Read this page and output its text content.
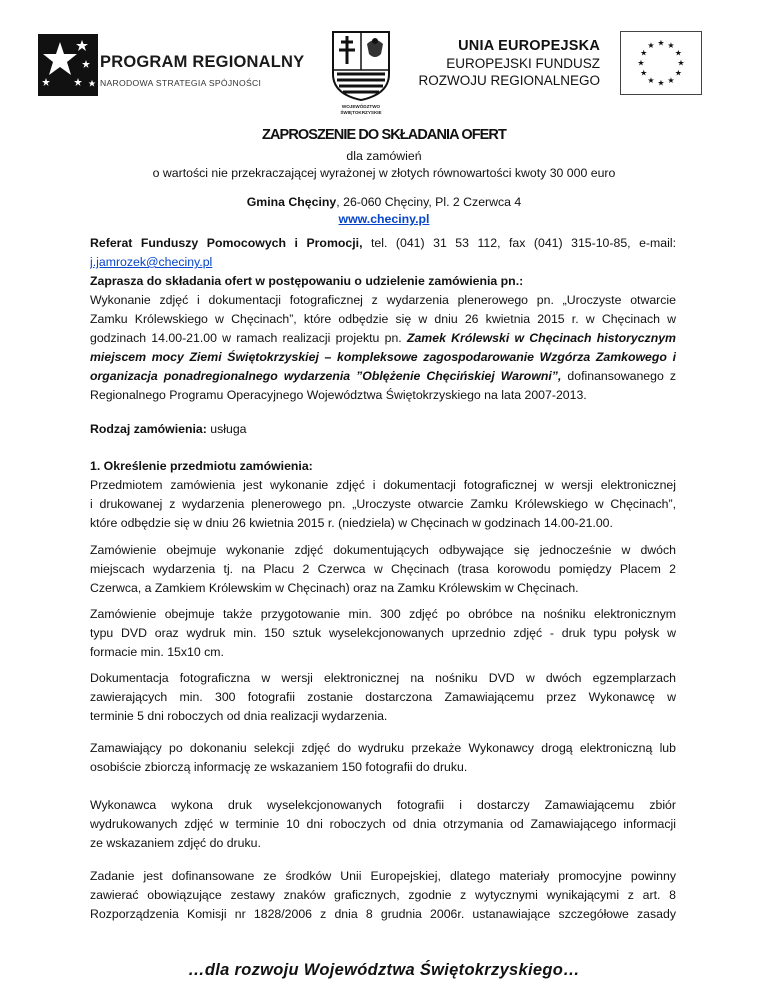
PROGRAM REGIONALNY
NARODOWA STRATEGIA SPÓJNOŚCI
WOJEWÓDZTWO
ŚWIĘTOKRZYSKIE
UNIA EUROPEJSKA
EUROPEJSKI FUNDUSZ
ROZWOJU REGIONALNEGO
★ ★
★
★
★
★
★
★
★
★
★
★
ZAPROSZENIE DO SKŁADANIA OFERT
dla zamówień
o wartości nie przekraczającej wyrażonej w złotych równowartości kwoty 30 000 euro
Gmina Chęciny, 26-060 Chęciny, Pl. 2 Czerwca 4
www.checiny.pl
Referat Funduszy Pomocowych i Promocji, tel. (041) 31 53 112, fax (041) 315-10-85, e-mail:
j.jamrozek@checiny.pl
Zaprasza do składania ofert w postępowaniu o udzielenie zamówienia pn.:
Wykonanie zdjęć i dokumentacji fotograficznej z wydarzenia plenerowego pn. „Uroczyste otwarcie
Zamku Królewskiego w Chęcinach”, które odbędzie się w dniu 26 kwietnia 2015 r. w Chęcinach w
godzinach 14.00-21.00 w ramach realizacji projektu pn. Zamek Królewski w Chęcinach historycznym
miejscem mocy Ziemi Świętokrzyskiej – kompleksowe zagospodarowanie Wzgórza Zamkowego i
organizacja ponadregionalnego wydarzenia ”Oblężenie Chęcińskiej Warowni”, dofinansowanego z
Regionalnego Programu Operacyjnego Województwa Świętokrzyskiego na lata 2007-2013.
Rodzaj zamówienia: usługa
1. Określenie przedmiotu zamówienia:
Przedmiotem zamówienia jest wykonanie zdjęć i dokumentacji fotograficznej w wersji elektronicznej
i drukowanej z wydarzenia plenerowego pn. „Uroczyste otwarcie Zamku Królewskiego w Chęcinach”,
które odbędzie się w dniu 26 kwietnia 2015 r. (niedziela) w Chęcinach w godzinach 14.00-21.00.
Zamówienie obejmuje wykonanie zdjęć dokumentujących odbywające się jednocześnie w dwóch
miejscach wydarzenia tj. na Placu 2 Czerwca w Chęcinach (trasa korowodu pomiędzy Placem 2
Czerwca, a Zamkiem Królewskim w Chęcinach) oraz na Zamku Królewskim w Chęcinach.
Zamówienie obejmuje także przygotowanie min. 300 zdjęć po obróbce na nośniku elektronicznym
typu DVD oraz wydruk min. 150 sztuk wyselekcjonowanych uprzednio zdjęć - druk typu połysk w
formacie min. 15x10 cm.
Dokumentacja fotograficzna w wersji elektronicznej na nośniku DVD w dwóch egzemplarzach
zawierających min. 300 fotografii zostanie dostarczona Zamawiającemu przez Wykonawcę w
terminie 5 dni roboczych od dnia realizacji wydarzenia.
Zamawiający po dokonaniu selekcji zdjęć do wydruku przekaże Wykonawcy drogą elektroniczną lub
osobiście zbiorczą informację ze wskazaniem 150 fotografii do druku.
Wykonawca wykona druk wyselekcjonowanych fotografii i dostarczy Zamawiającemu zbiór
wydrukowanych zdjęć w terminie 10 dni roboczych od dnia otrzymania od Zamawiającego informacji
ze wskazaniem zdjęć do druku.
Zadanie jest dofinansowane ze środków Unii Europejskiej, dlatego materiały promocyjne powinny
zawierać obowiązujące zestawy znaków graficznych, zgodnie z wytycznymi wynikającymi z art. 8
Rozporządzenia Komisji nr 1828/2006 z dnia 8 grudnia 2006r. ustanawiające szczegółowe zasady
…dla rozwoju Województwa Świętokrzyskiego…
